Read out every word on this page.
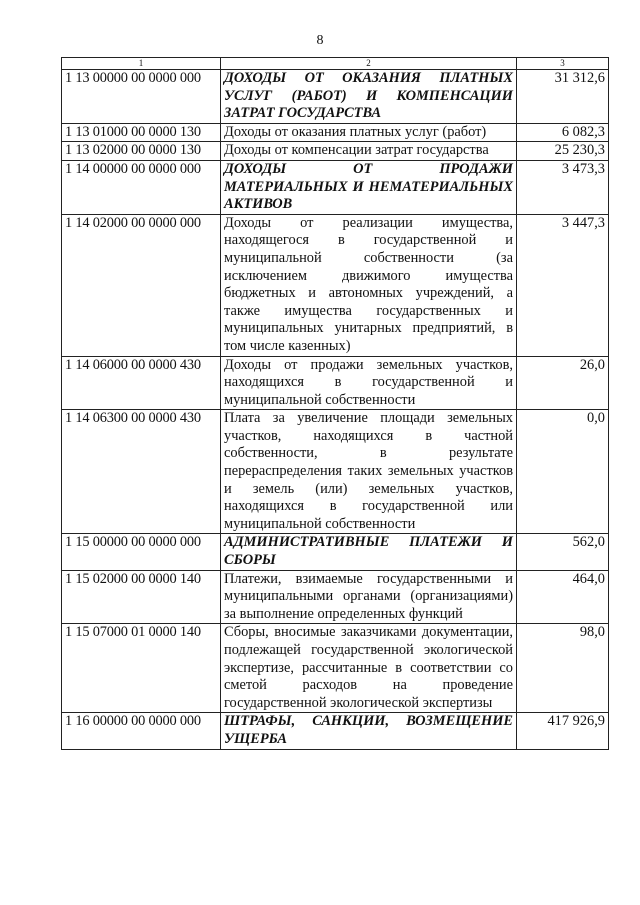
8
1	2	3
1 13 00000 00 0000 000	ДОХОДЫ ОТ ОКАЗАНИЯ ПЛАТНЫХ УСЛУГ (РАБОТ) И КОМПЕНСАЦИИ ЗАТРАТ ГОСУДАРСТВА	31 312,6
1 13 01000 00 0000 130	Доходы от оказания платных услуг (работ)	6 082,3
1 13 02000 00 0000 130	Доходы от компенсации затрат государства	25 230,3
1 14 00000 00 0000 000	ДОХОДЫ ОТ ПРОДАЖИ МАТЕРИАЛЬНЫХ И НЕМАТЕРИАЛЬНЫХ АКТИВОВ	3 473,3
1 14 02000 00 0000 000	Доходы от реализации имущества, находящегося в государственной и муниципальной собственности (за исключением движимого имущества бюджетных и автономных учреждений, а также имущества государственных и муниципальных унитарных предприятий, в том числе казенных)	3 447,3
1 14 06000 00 0000 430	Доходы от продажи земельных участков, находящихся в государственной и муниципальной собственности	26,0
1 14 06300 00 0000 430	Плата за увеличение площади земельных участков, находящихся в частной собственности, в результате перераспределения таких земельных участков и земель (или) земельных участков, находящихся в государственной или муниципальной собственности	0,0
1 15 00000 00 0000 000	АДМИНИСТРАТИВНЫЕ ПЛАТЕЖИ И СБОРЫ	562,0
1 15 02000 00 0000 140	Платежи, взимаемые государственными и муниципальными органами (организациями) за выполнение определенных функций	464,0
1 15 07000 01 0000 140	Сборы, вносимые заказчиками документации, подлежащей государственной экологической экспертизе, рассчитанные в соответствии со сметой расходов на проведение государственной экологической экспертизы	98,0
1 16 00000 00 0000 000	ШТРАФЫ, САНКЦИИ, ВОЗМЕЩЕНИЕ УЩЕРБА	417 926,9
